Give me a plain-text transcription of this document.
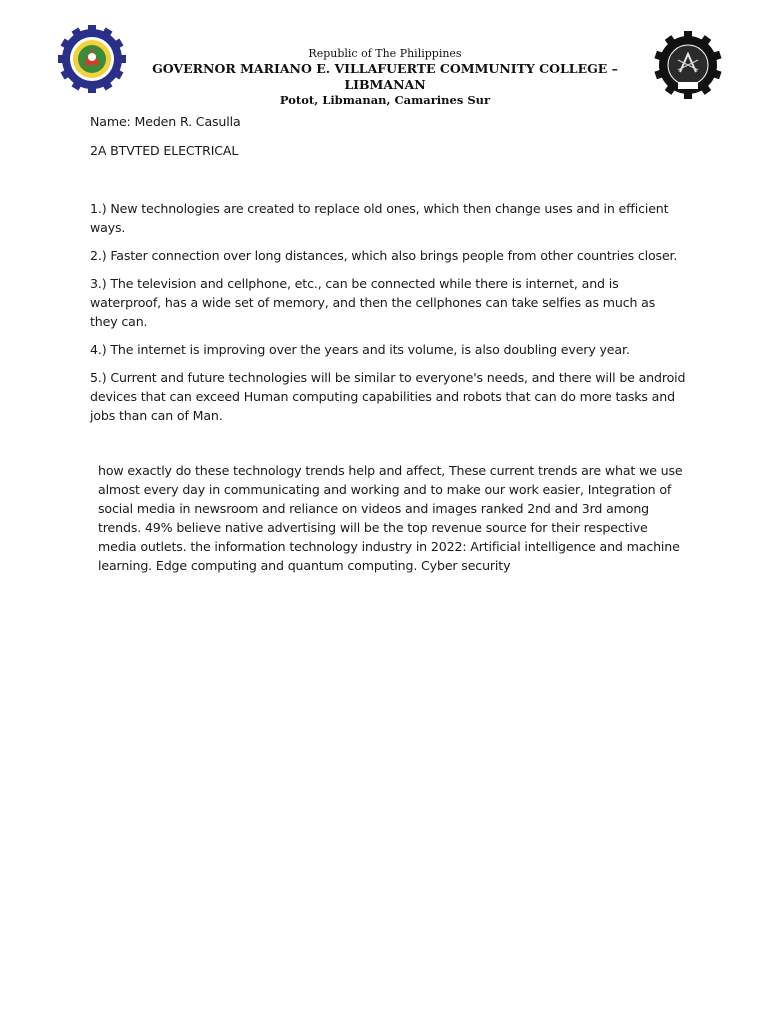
Republic of The Philippines
GOVERNOR MARIANO E. VILLAFUERTE COMMUNITY COLLEGE – LIBMANAN
Potot, Libmanan, Camarines Sur

Name: Meden R. Casulla

2A BTVTED ELECTRICAL

1.) New technologies are created to replace old ones, which then change uses and in efficient ways.

2.) Faster connection over long distances, which also brings people from other countries closer.

3.) The television and cellphone, etc., can be connected while there is internet, and is waterproof, has a wide set of memory, and then the cellphones can take selfies as much as they can.

4.) The internet is improving over the years and its volume, is also doubling every year.

5.) Current and future technologies will be similar to everyone's needs, and there will be android devices that can exceed Human computing capabilities and robots that can do more tasks and jobs than can of Man.

how exactly do these technology trends help and affect, These current trends are what we use almost every day in communicating and working and to make our work easier, Integration of social media in newsroom and reliance on videos and images ranked 2nd and 3rd among trends. 49% believe native advertising will be the top revenue source for their respective media outlets. the information technology industry in 2022: Artificial intelligence and machine learning. Edge computing and quantum computing. Cyber security
